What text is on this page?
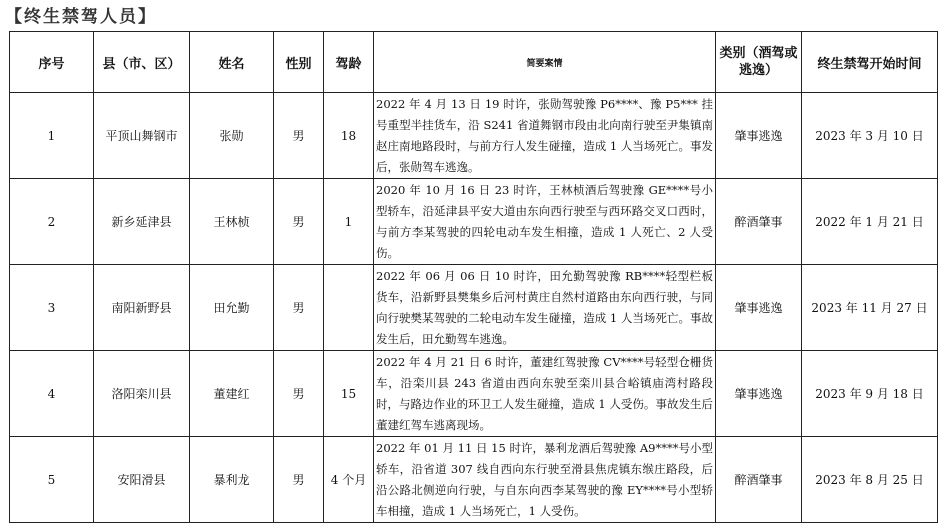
【终生禁驾人员】
序号	县（市、区）	姓名	性别	驾龄	简要案情	类别（酒驾或逃逸）	终生禁驾开始时间
1	平顶山舞钢市	张勋	男	18	2022 年 4 月 13 日 19 时许，张勋驾驶豫 P6****、豫 P5*** 挂号重型半挂货车，沿 S241 省道舞钢市段由北向南行驶至尹集镇南赵庄南地路段时，与前方行人发生碰撞，造成 1 人当场死亡。事发后，张勋驾车逃逸。	肇事逃逸	2023 年 3 月 10 日
2	新乡延津县	王林桢	男	1	2020 年 10 月 16 日 23 时许，王林桢酒后驾驶豫 GE****号小型轿车，沿延津县平安大道由东向西行驶至与西环路交叉口西时，与前方李某驾驶的四轮电动车发生相撞，造成 1 人死亡、2 人受伤。	醉酒肇事	2022 年 1 月 21 日
3	南阳新野县	田允勤	男		2022 年 06 月 06 日 10 时许，田允勤驾驶豫 RB****轻型栏板货车，沿新野县樊集乡后河村黄庄自然村道路由东向西行驶，与同向行驶樊某驾驶的二轮电动车发生碰撞，造成 1 人当场死亡。事故发生后，田允勤驾车逃逸。	肇事逃逸	2023 年 11 月 27 日
4	洛阳栾川县	董建红	男	15	2022 年 4 月 21 日 6 时许，董建红驾驶豫 CV****号轻型仓栅货车，沿栾川县 243 省道由西向东驶至栾川县合峪镇庙湾村路段时，与路边作业的环卫工人发生碰撞，造成 1 人受伤。事故发生后董建红驾车逃离现场。	肇事逃逸	2023 年 9 月 18 日
5	安阳滑县	暴利龙	男	4 个月	2022 年 01 月 11 日 15 时许，暴利龙酒后驾驶豫 A9****号小型轿车，沿省道 307 线自西向东行驶至滑县焦虎镇东缑庄路段，后沿公路北侧逆向行驶，与自东向西李某驾驶的豫 EY****号小型轿车相撞，造成 1 人当场死亡，1 人受伤。	醉酒肇事	2023 年 8 月 25 日
